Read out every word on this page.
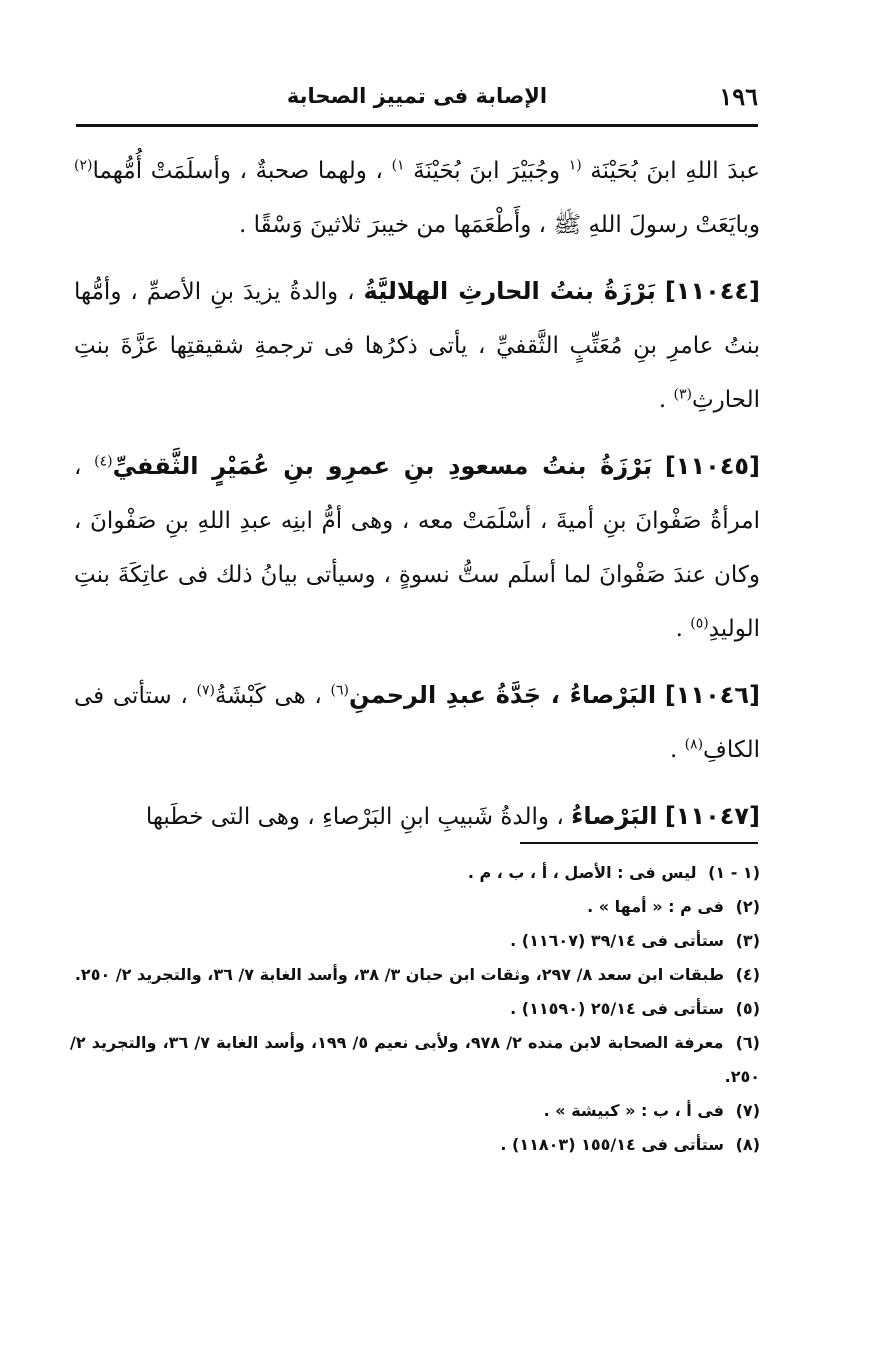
١٩٦
الإصابة فى تمييز الصحابة

عبدَ اللهِ ابنَ بُحَيْنَة $^{(١}$ وجُبَيْرَ ابنَ بُحَيْنَةَ $^{١)}$ ، ولهما صحبةٌ ، وأسلَمَتْ أُمُّهما$^{(٢)}$ وبايَعَتْ رسولَ اللهِ ﷺ ، وأَطْعَمَها من خيبرَ ثلاثينَ وَسْقًا .

[١١٠٤٤] بَرْزَةُ بنتُ الحارثِ الهلاليَّةُ ، والدةُ يزيدَ بنِ الأصمِّ ، وأمُّها بنتُ عامرِ بنِ مُعَتِّبٍ الثَّقفيِّ ، يأتى ذكرُها فى ترجمةِ شقيقتِها عَزَّةَ بنتِ الحارثِ$^{(٣)}$ .

[١١٠٤٥] بَرْزَةُ بنتُ مسعودِ بنِ عمرِو بنِ عُمَيْرٍ الثَّقفيِّ$^{(٤)}$ ، امرأةُ صَفْوانَ بنِ أميةَ ، أسْلَمَتْ معه ، وهى أمُّ ابنِه عبدِ اللهِ بنِ صَفْوانَ ، وكان عندَ صَفْوانَ لما أسلَم ستُّ نسوةٍ ، وسيأتى بيانُ ذلك فى عاتِكَةَ بنتِ الوليدِ$^{(٥)}$ .

[١١٠٤٦] البَرْصاءُ ، جَدَّةُ عبدِ الرحمنِ$^{(٦)}$ ، هى كَبْشَةُ$^{(٧)}$ ، ستأتى فى الكافِ$^{(٨)}$ .

[١١٠٤٧] البَرْصاءُ ، والدةُ شَبيبِ ابنِ البَرْصاءِ ، وهى التى خطَبها

(١ - ١) ليس فى : الأصل ، أ ، ب ، م .

(٢) فى م : « أمها » .

(٣) ستأتى فى ٣٩/١٤ (١١٦٠٧) .

(٤) طبقات ابن سعد ٨/ ٢٩٧، وثقات ابن حبان ٣/ ٣٨، وأسد الغابة ٧/ ٣٦، والتجريد ٢/ ٢٥٠.

(٥) ستأتى فى ٢٥/١٤ (١١٥٩٠) .

(٦) معرفة الصحابة لابن منده ٢/ ٩٧٨، ولأبى نعيم ٥/ ١٩٩، وأسد الغابة ٧/ ٣٦، والتجريد ٢/ ٢٥٠.

(٧) فى أ ، ب : « كبيشة » .

(٨) ستأتى فى ١٥٥/١٤ (١١٨٠٣) .
